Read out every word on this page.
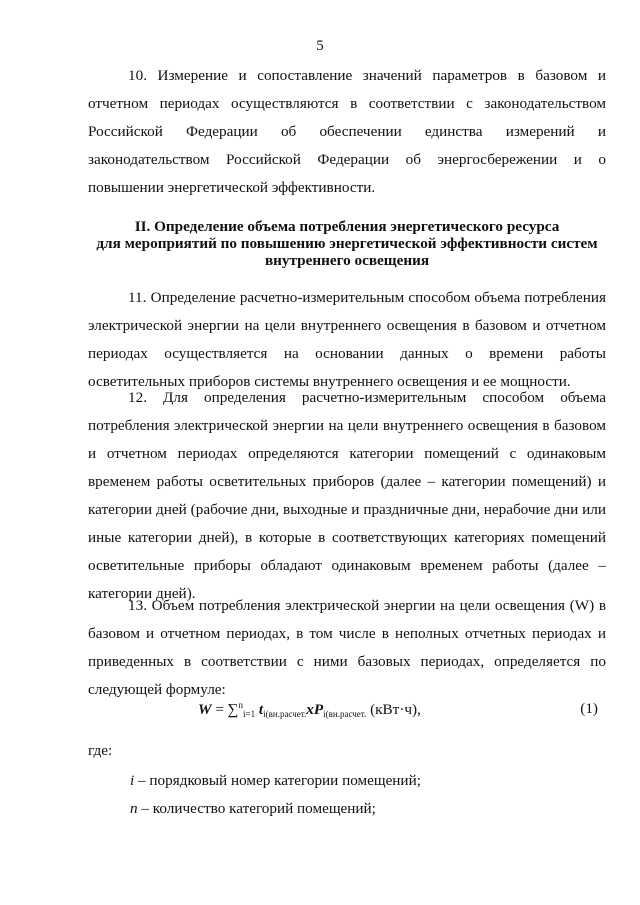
5
10. Измерение и сопоставление значений параметров в базовом и отчетном периодах осуществляются в соответствии с законодательством Российской Федерации об обеспечении единства измерений и законодательством Российской Федерации об энергосбережении и о повышении энергетической эффективности.
II. Определение объема потребления энергетического ресурса
для мероприятий по повышению энергетической эффективности систем
внутреннего освещения
11. Определение расчетно-измерительным способом объема потребления электрической энергии на цели внутреннего освещения в базовом и отчетном периодах осуществляется на основании данных о времени работы осветительных приборов системы внутреннего освещения и ее мощности.
12. Для определения расчетно-измерительным способом объема потребления электрической энергии на цели внутреннего освещения в базовом и отчетном периодах определяются категории помещений с одинаковым временем работы осветительных приборов (далее – категории помещений) и категории дней (рабочие дни, выходные и праздничные дни, нерабочие дни или иные категории дней), в которые в соответствующих категориях помещений осветительные приборы обладают одинаковым временем работы (далее – категории дней).
13. Объем потребления электрической энергии на цели освещения (W) в базовом и отчетном периодах, в том числе в неполных отчетных периодах и приведенных в соответствии с ними базовых периодах, определяется по следующей формуле:
W = ∑$^n_{i=1}$ $t_{i(вн.расчет.}xP_{i(вн.расчет.}$ (кВт·ч),	(1)
где:
i – порядковый номер категории помещений;
n – количество категорий помещений;
